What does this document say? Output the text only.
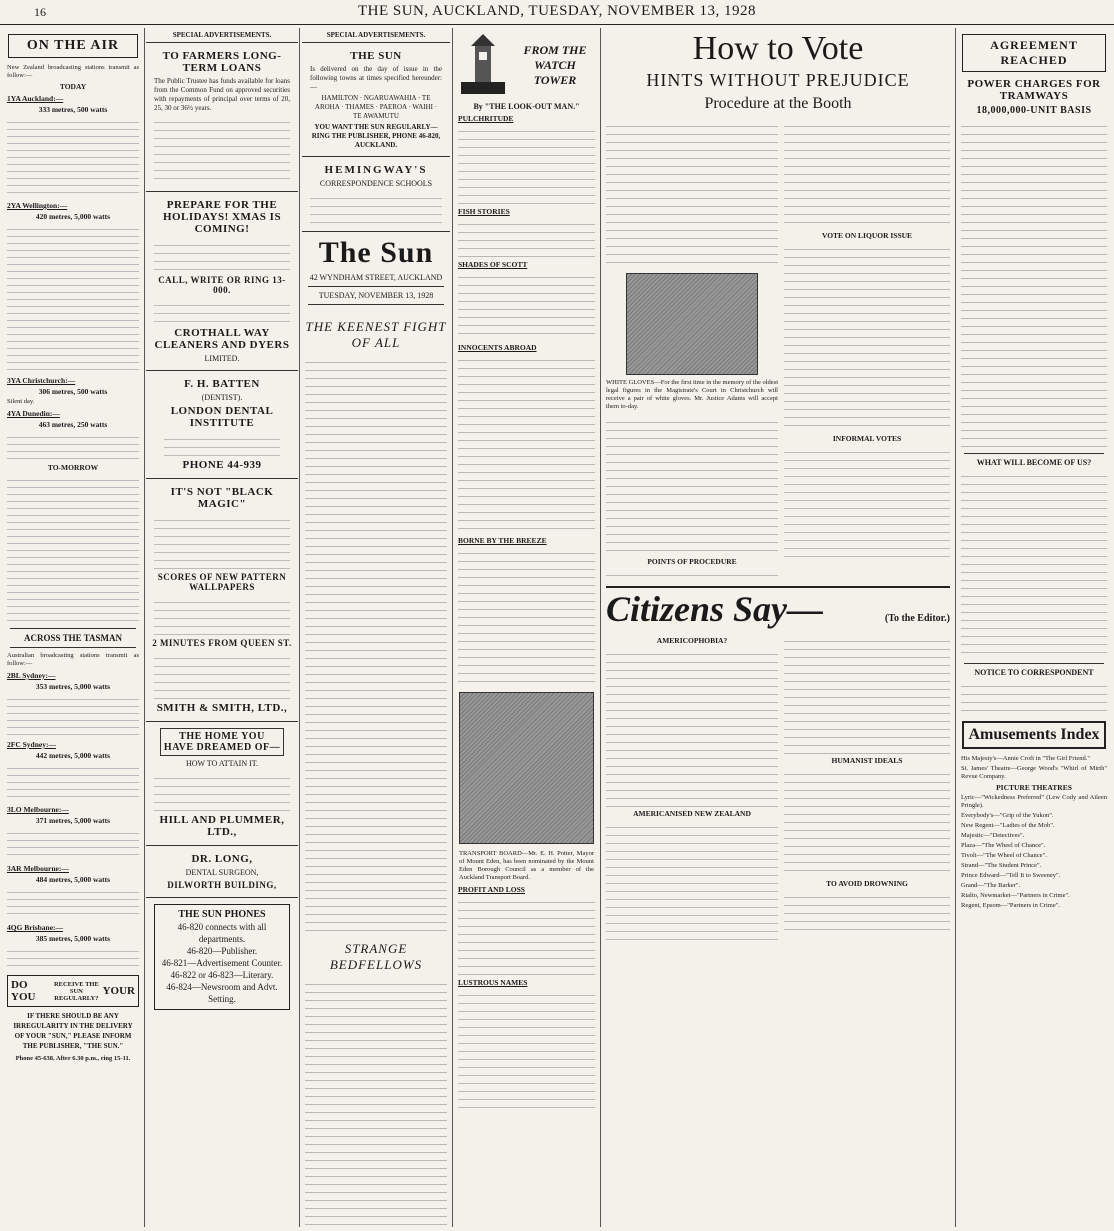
16	THE SUN, AUCKLAND, TUESDAY, NOVEMBER 13, 1928
ON THE AIR
New Zealand broadcasting stations transmit as follow:—
TODAY
1YA Auckland:—
333 metres, 500 watts
2YA Wellington:—
420 metres, 5,000 watts
3YA Christchurch:—
306 metres, 500 watts
Silent day.
4YA Dunedin:—
463 metres, 250 watts
TO-MORROW
ACROSS THE TASMAN
Australian broadcasting stations transmit as follow:—
2BL Sydney:—
353 metres, 5,000 watts
2FC Sydney:—
442 metres, 5,000 watts
3LO Melbourne:—
371 metres, 5,000 watts
3AR Melbourne:—
484 metres, 5,000 watts
4QG Brisbane:—
385 metres, 5,000 watts
DO YOU
RECEIVE THE SUN REGULARLY?
YOUR
IF THERE SHOULD BE ANY IRREGULARITY IN THE DELIVERY OF YOUR "SUN," PLEASE INFORM THE PUBLISHER, "THE SUN."
Phone 45-638. After 6.30 p.m., ring 15-11.
SPECIAL ADVERTISEMENTS.
TO FARMERS LONG-TERM LOANS
The Public Trustee has funds available for loans from the Common Fund on approved securities with repayments of principal over terms of 20, 25, 30 or 36½ years.
PREPARE FOR THE HOLIDAYS! XMAS IS COMING!
CALL, WRITE OR RING 13-000.
CROTHALL WAY CLEANERS AND DYERS
LIMITED.
F. H. BATTEN
(DENTIST).
LONDON DENTAL INSTITUTE
PHONE 44-939
IT'S NOT "BLACK MAGIC"
SCORES OF NEW PATTERN WALLPAPERS
2 MINUTES FROM QUEEN ST.
SMITH & SMITH, LTD.,
THE HOME YOU HAVE DREAMED OF—
HOW TO ATTAIN IT.
HILL AND PLUMMER, LTD.,
DR. LONG,
DENTAL SURGEON,
DILWORTH BUILDING,
THE SUN PHONES
46-820 connects with all departments.
46-820—Publisher.
46-821—Advertisement Counter.
46-822 or 46-823—Literary.
46-824—Newsroom and Advt. Setting.
SPECIAL ADVERTISEMENTS.
THE SUN
Is delivered on the day of issue in the following towns at times specified hereunder:—
HAMILTON · NGARUAWAHIA · TE AROHA · THAMES · PAEROA · WAIHI · TE AWAMUTU
YOU WANT THE SUN REGULARLY—RING THE PUBLISHER, PHONE 46-820, AUCKLAND.
HEMINGWAY'S
CORRESPONDENCE SCHOOLS
The Sun
42 WYNDHAM STREET, AUCKLAND
TUESDAY, NOVEMBER 13, 1928
THE KEENEST FIGHT OF ALL
STRANGE BEDFELLOWS
FROM THE WATCH TOWER
By "THE LOOK-OUT MAN."
PULCHRITUDE
FISH STORIES
SHADES OF SCOTT
INNOCENTS ABROAD
BORNE BY THE BREEZE
TRANSPORT BOARD—Mr. E. H. Potter, Mayor of Mount Eden, has been nominated by the Mount Eden Borough Council as a member of the Auckland Transport Board.
PROFIT AND LOSS
LUSTROUS NAMES
How to Vote
HINTS WITHOUT PREJUDICE
Procedure at the Booth
WHITE GLOVES—For the first time in the memory of the oldest legal figures in the Magistrate's Court in Christchurch will receive a pair of white gloves. Mr. Justice Adams will accept them to-day.
POINTS OF PROCEDURE
VOTE ON LIQUOR ISSUE
INFORMAL VOTES
Citizens Say—	(To the Editor.)
AMERICOPHOBIA?
AMERICANISED NEW ZEALAND
HUMANIST IDEALS
TO AVOID DROWNING
AGREEMENT REACHED
POWER CHARGES FOR TRAMWAYS
18,000,000-UNIT BASIS
WHAT WILL BECOME OF US?
NOTICE TO CORRESPONDENT
Amusements Index
His Majesty's—Annie Croft in "The Girl Friend."
St. James' Theatre—George Wood's "Whirl of Mirth" Revue Company.
PICTURE THEATRES
Lyric—"Wickedness Preferred" (Lew Cody and Aileen Pringle).
Everybody's—"Grip of the Yukon".
New Regent—"Ladies of the Mob".
Majestic—"Detectives".
Plaza—"The Wheel of Chance".
Tivoli—"The Wheel of Chance".
Strand—"The Student Prince".
Prince Edward—"Tell It to Sweeney".
Grand—"The Barker".
Rialto, Newmarket—"Partners in Crime".
Regent, Epsom—"Partners in Crime".
